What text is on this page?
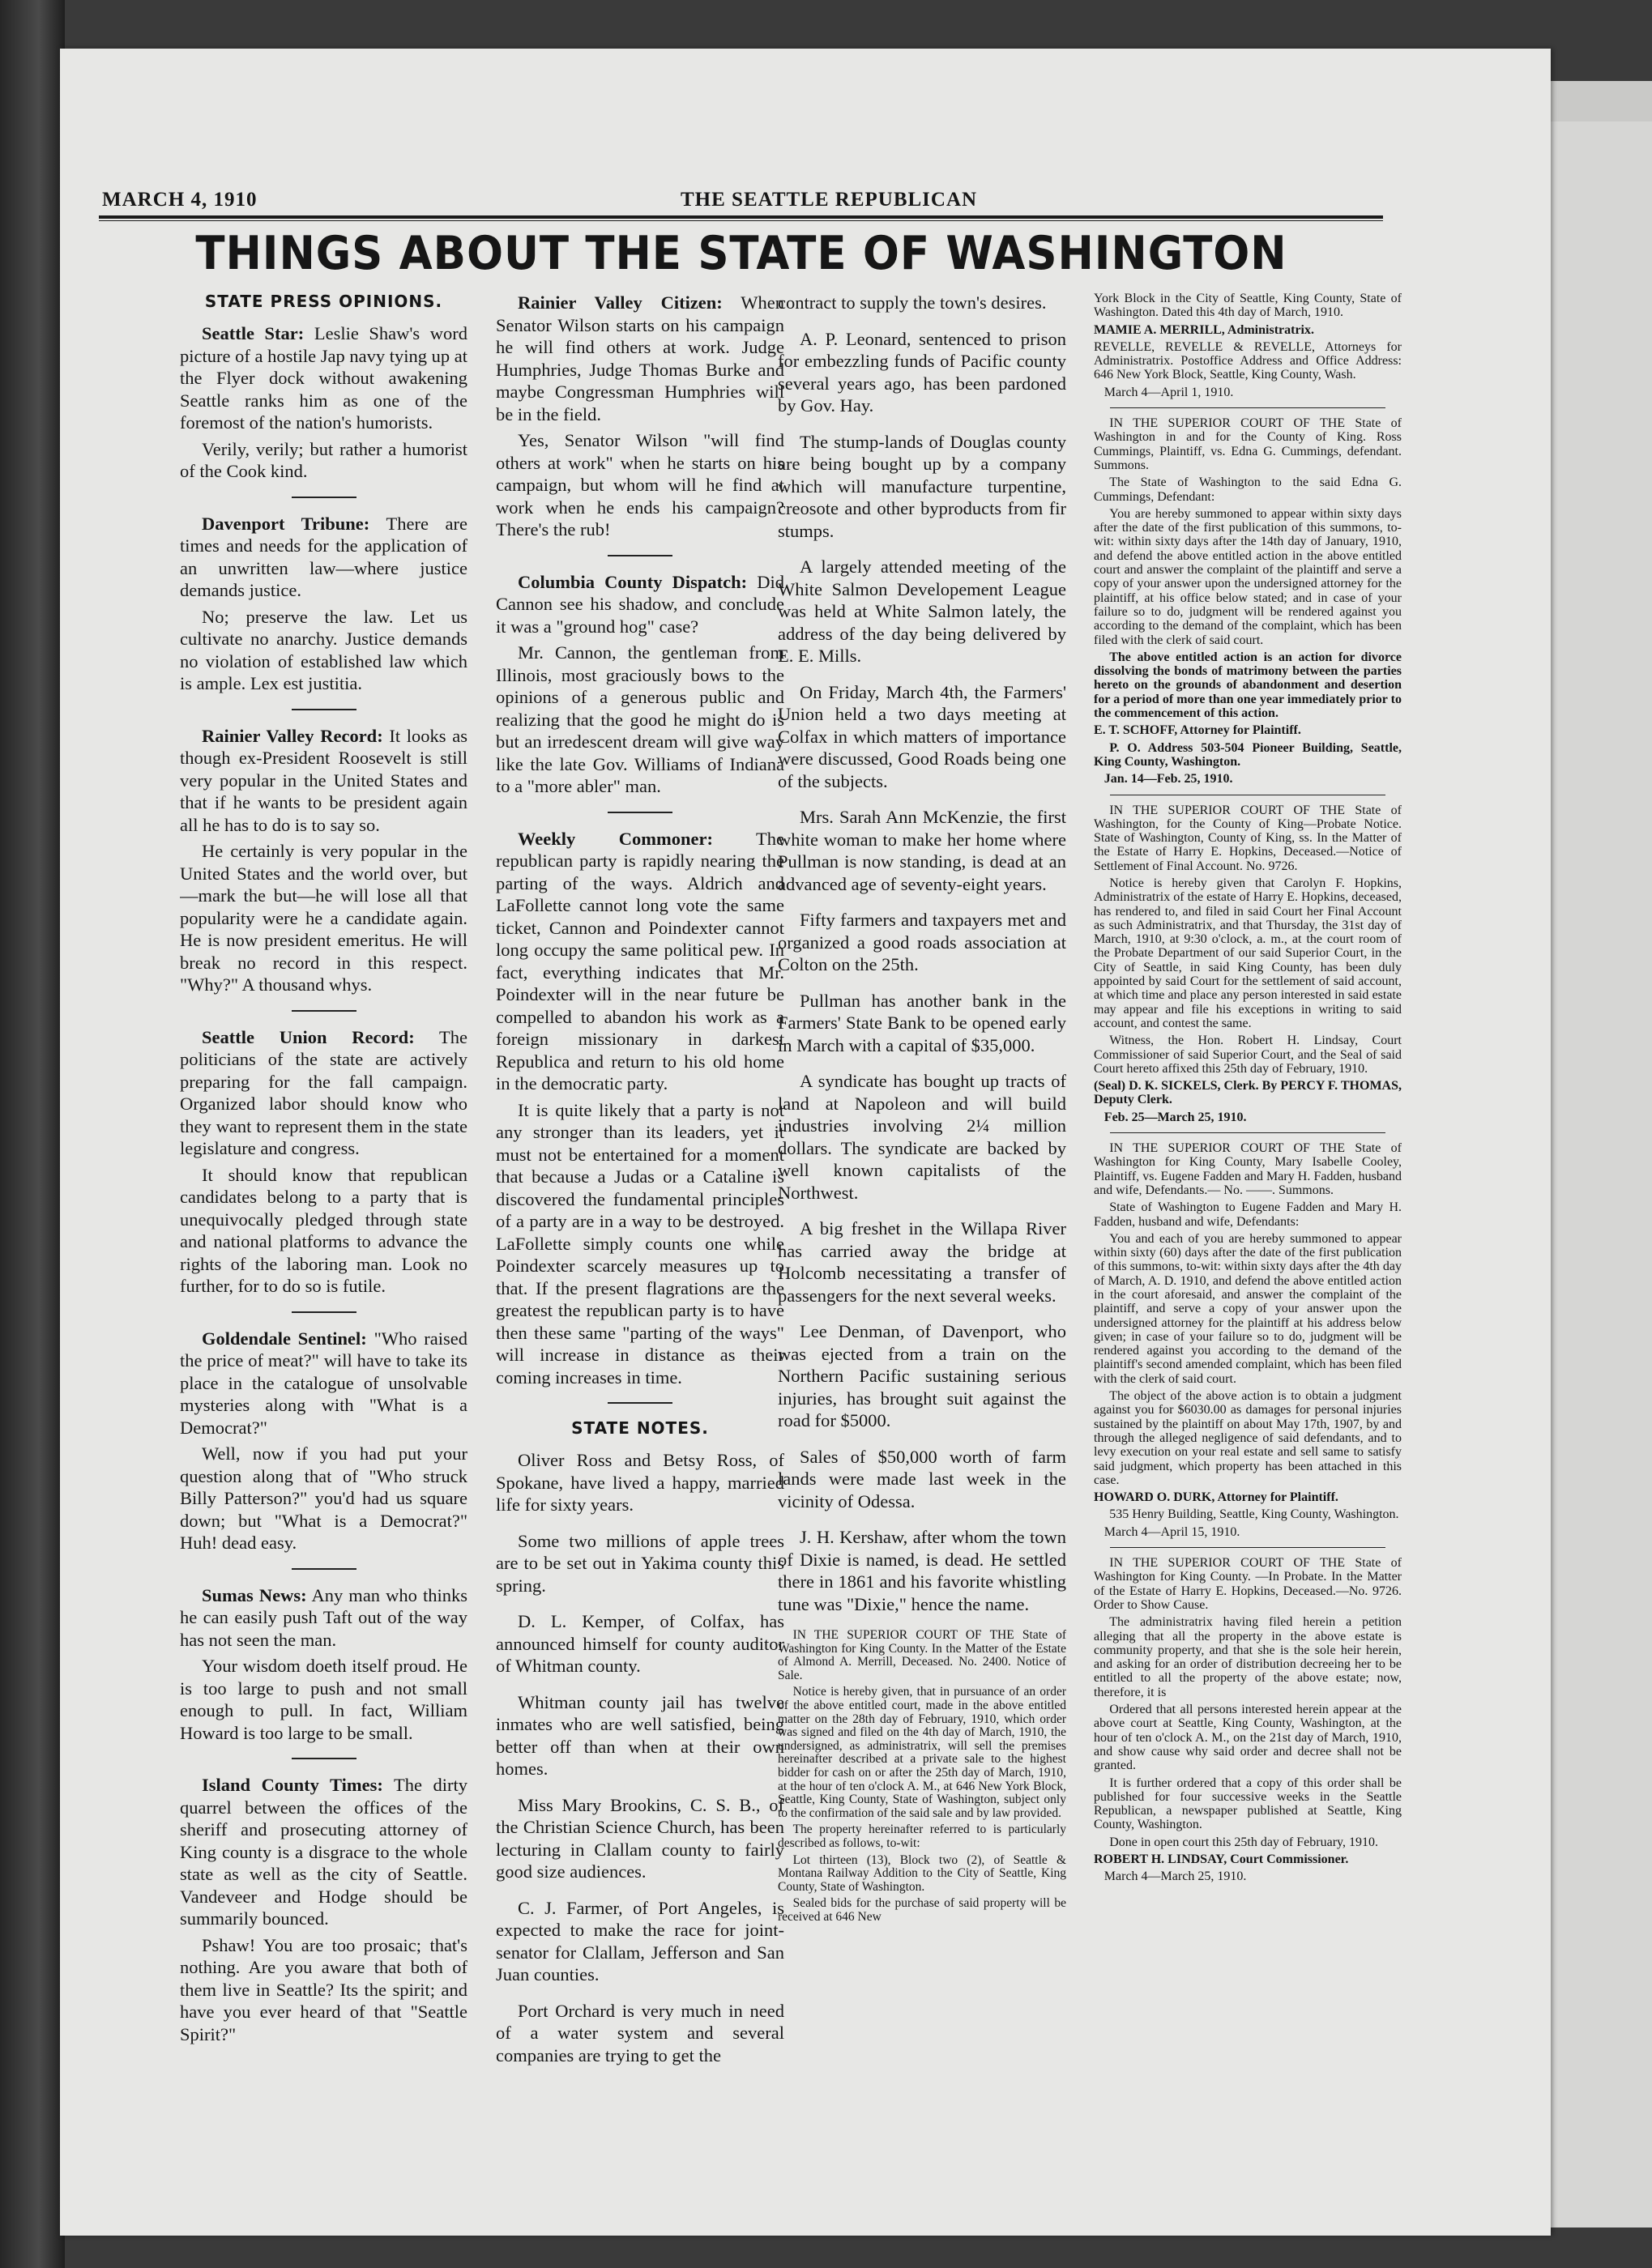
MARCH 4, 1910	THE SEATTLE REPUBLICAN
THINGS ABOUT THE STATE OF WASHINGTON
STATE PRESS OPINIONS.

Seattle Star: Leslie Shaw's word picture of a hostile Jap navy tying up at the Flyer dock without awakening Seattle ranks him as one of the foremost of the nation's humorists.

Verily, verily; but rather a humorist of the Cook kind.

Davenport Tribune: There are times and needs for the application of an unwritten law—where justice demands justice.

No; preserve the law. Let us cultivate no anarchy. Justice demands no violation of established law which is ample. Lex est justitia.

Rainier Valley Record: It looks as though ex-President Roosevelt is still very popular in the United States and that if he wants to be president again all he has to do is to say so.

He certainly is very popular in the United States and the world over, but—mark the but—he will lose all that popularity were he a candidate again. He is now president emeritus. He will break no record in this respect. "Why?" A thousand whys.

Seattle Union Record: The politicians of the state are actively preparing for the fall campaign. Organized labor should know who they want to represent them in the state legislature and congress.

It should know that republican candidates belong to a party that is unequivocally pledged through state and national platforms to advance the rights of the laboring man. Look no further, for to do so is futile.

Goldendale Sentinel: "Who raised the price of meat?" will have to take its place in the catalogue of unsolvable mysteries along with "What is a Democrat?"

Well, now if you had put your question along that of "Who struck Billy Patterson?" you'd had us square down; but "What is a Democrat?" Huh! dead easy.

Sumas News: Any man who thinks he can easily push Taft out of the way has not seen the man.

Your wisdom doeth itself proud. He is too large to push and not small enough to pull. In fact, William Howard is too large to be small.

Island County Times: The dirty quarrel between the offices of the sheriff and prosecuting attorney of King county is a disgrace to the whole state as well as the city of Seattle. Vandeveer and Hodge should be summarily bounced.

Pshaw! You are too prosaic; that's nothing. Are you aware that both of them live in Seattle? Its the spirit; and have you ever heard of that "Seattle Spirit?"

Rainier Valley Citizen: When Senator Wilson starts on his campaign he will find others at work. Judge Humphries, Judge Thomas Burke and maybe Congressman Humphries will be in the field.

Yes, Senator Wilson "will find others at work" when he starts on his campaign, but whom will he find at work when he ends his campaign? There's the rub!

Columbia County Dispatch: Did Cannon see his shadow, and conclude it was a "ground hog" case?

Mr. Cannon, the gentleman from Illinois, most graciously bows to the opinions of a generous public and realizing that the good he might do is but an irredescent dream will give way like the late Gov. Williams of Indiana to a "more abler" man.

Weekly Commoner: The republican party is rapidly nearing the parting of the ways. Aldrich and LaFollette cannot long vote the same ticket, Cannon and Poindexter cannot long occupy the same political pew. In fact, everything indicates that Mr. Poindexter will in the near future be compelled to abandon his work as a foreign missionary in darkest Republica and return to his old home in the democratic party.

It is quite likely that a party is not any stronger than its leaders, yet it must not be entertained for a moment that because a Judas or a Cataline is discovered the fundamental principles of a party are in a way to be destroyed. LaFollette simply counts one while Poindexter scarcely measures up to that. If the present flagrations are the greatest the republican party is to have then these same "parting of the ways" will increase in distance as their coming increases in time.

STATE NOTES.

Oliver Ross and Betsy Ross, of Spokane, have lived a happy, married life for sixty years.

Some two millions of apple trees are to be set out in Yakima county this spring.

D. L. Kemper, of Colfax, has announced himself for county auditor of Whitman county.

Whitman county jail has twelve inmates who are well satisfied, being better off than when at their own homes.

Miss Mary Brookins, C. S. B., of the Christian Science Church, has been lecturing in Clallam county to fairly good size audiences.

C. J. Farmer, of Port Angeles, is expected to make the race for joint-senator for Clallam, Jefferson and San Juan counties.

Port Orchard is very much in need of a water system and several companies are trying to get the

contract to supply the town's desires.

A. P. Leonard, sentenced to prison for embezzling funds of Pacific county several years ago, has been pardoned by Gov. Hay.

The stump-lands of Douglas county are being bought up by a company which will manufacture turpentine, creosote and other byproducts from fir stumps.

A largely attended meeting of the White Salmon Developement League was held at White Salmon lately, the address of the day being delivered by E. E. Mills.

On Friday, March 4th, the Farmers' Union held a two days meeting at Colfax in which matters of importance were discussed, Good Roads being one of the subjects.

Mrs. Sarah Ann McKenzie, the first white woman to make her home where Pullman is now standing, is dead at an advanced age of seventy-eight years.

Fifty farmers and taxpayers met and organized a good roads association at Colton on the 25th.

Pullman has another bank in the Farmers' State Bank to be opened early in March with a capital of $35,000.

A syndicate has bought up tracts of land at Napoleon and will build industries involving 2¼ million dollars. The syndicate are backed by well known capitalists of the Northwest.

A big freshet in the Willapa River has carried away the bridge at Holcomb necessitating a transfer of passengers for the next several weeks.

Lee Denman, of Davenport, who was ejected from a train on the Northern Pacific sustaining serious injuries, has brought suit against the road for $5000.

Sales of $50,000 worth of farm lands were made last week in the vicinity of Odessa.

J. H. Kershaw, after whom the town of Dixie is named, is dead. He settled there in 1861 and his favorite whistling tune was "Dixie," hence the name.

IN THE SUPERIOR COURT OF THE State of Washington for King County. In the Matter of the Estate of Almond A. Merrill, Deceased. No. 2400. Notice of Sale.

Notice is hereby given, that in pursuance of an order of the above entitled court, made in the above entitled matter on the 28th day of February, 1910, which order was signed and filed on the 4th day of March, 1910, the undersigned, as administratrix, will sell the premises hereinafter described at a private sale to the highest bidder for cash on or after the 25th day of March, 1910, at the hour of ten o'clock A. M., at 646 New York Block, Seattle, King County, State of Washington, subject only to the confirmation of the said sale and by law provided.

The property hereinafter referred to is particularly described as follows, to-wit:

Lot thirteen (13), Block two (2), of Seattle & Montana Railway Addition to the City of Seattle, King County, State of Washington.

Sealed bids for the purchase of said property will be received at 646 New

York Block in the City of Seattle, King County, State of Washington. Dated this 4th day of March, 1910.

MAMIE A. MERRILL, Administratrix.

REVELLE, REVELLE & REVELLE, Attorneys for Administratrix. Postoffice Address and Office Address: 646 New York Block, Seattle, King County, Wash.

March 4—April 1, 1910.

IN THE SUPERIOR COURT OF THE State of Washington in and for the County of King. Ross Cummings, Plaintiff, vs. Edna G. Cummings, defendant. Summons.

The State of Washington to the said Edna G. Cummings, Defendant:

You are hereby summoned to appear within sixty days after the date of the first publication of this summons, to-wit: within sixty days after the 14th day of January, 1910, and defend the above entitled action in the above entitled court and answer the complaint of the plaintiff and serve a copy of your answer upon the undersigned attorney for the plaintiff, at his office below stated; and in case of your failure so to do, judgment will be rendered against you according to the demand of the complaint, which has been filed with the clerk of said court.

The above entitled action is an action for divorce dissolving the bonds of matrimony between the parties hereto on the grounds of abandonment and desertion for a period of more than one year immediately prior to the commencement of this action.

E. T. SCHOFF, Attorney for Plaintiff.

P. O. Address 503-504 Pioneer Building, Seattle, King County, Washington.

Jan. 14—Feb. 25, 1910.

IN THE SUPERIOR COURT OF THE State of Washington, for the County of King—Probate Notice. State of Washington, County of King, ss. In the Matter of the Estate of Harry E. Hopkins, Deceased.—Notice of Settlement of Final Account. No. 9726.

Notice is hereby given that Carolyn F. Hopkins, Administratrix of the estate of Harry E. Hopkins, deceased, has rendered to, and filed in said Court her Final Account as such Administratrix, and that Thursday, the 31st day of March, 1910, at 9:30 o'clock, a. m., at the court room of the Probate Department of our said Superior Court, in the City of Seattle, in said King County, has been duly appointed by said Court for the settlement of said account, at which time and place any person interested in said estate may appear and file his exceptions in writing to said account, and contest the same.

Witness, the Hon. Robert H. Lindsay, Court Commissioner of said Superior Court, and the Seal of said Court hereto affixed this 25th day of February, 1910.

(Seal) D. K. SICKELS, Clerk. By PERCY F. THOMAS, Deputy Clerk.

Feb. 25—March 25, 1910.

IN THE SUPERIOR COURT OF THE State of Washington for King County, Mary Isabelle Cooley, Plaintiff, vs. Eugene Fadden and Mary H. Fadden, husband and wife, Defendants.— No. ——. Summons.

State of Washington to Eugene Fadden and Mary H. Fadden, husband and wife, Defendants:

You and each of you are hereby summoned to appear within sixty (60) days after the date of the first publication of this summons, to-wit: within sixty days after the 4th day of March, A. D. 1910, and defend the above entitled action in the court aforesaid, and answer the complaint of the plaintiff, and serve a copy of your answer upon the undersigned attorney for the plaintiff at his address below given; in case of your failure so to do, judgment will be rendered against you according to the demand of the plaintiff's second amended complaint, which has been filed with the clerk of said court.

The object of the above action is to obtain a judgment against you for $6030.00 as damages for personal injuries sustained by the plaintiff on about May 17th, 1907, by and through the alleged negligence of said defendants, and to levy execution on your real estate and sell same to satisfy said judgment, which property has been attached in this case.

HOWARD O. DURK, Attorney for Plaintiff.

535 Henry Building, Seattle, King County, Washington.

March 4—April 15, 1910.

IN THE SUPERIOR COURT OF THE State of Washington for King County. —In Probate. In the Matter of the Estate of Harry E. Hopkins, Deceased.—No. 9726. Order to Show Cause.

The administratrix having filed herein a petition alleging that all the property in the above estate is community property, and that she is the sole heir herein, and asking for an order of distribution decreeing her to be entitled to all the property of the above estate; now, therefore, it is

Ordered that all persons interested herein appear at the above court at Seattle, King County, Washington, at the hour of ten o'clock A. M., on the 21st day of March, 1910, and show cause why said order and decree shall not be granted.

It is further ordered that a copy of this order shall be published for four successive weeks in the Seattle Republican, a newspaper published at Seattle, King County, Washington.

Done in open court this 25th day of February, 1910.

ROBERT H. LINDSAY, Court Commissioner.

March 4—March 25, 1910.
